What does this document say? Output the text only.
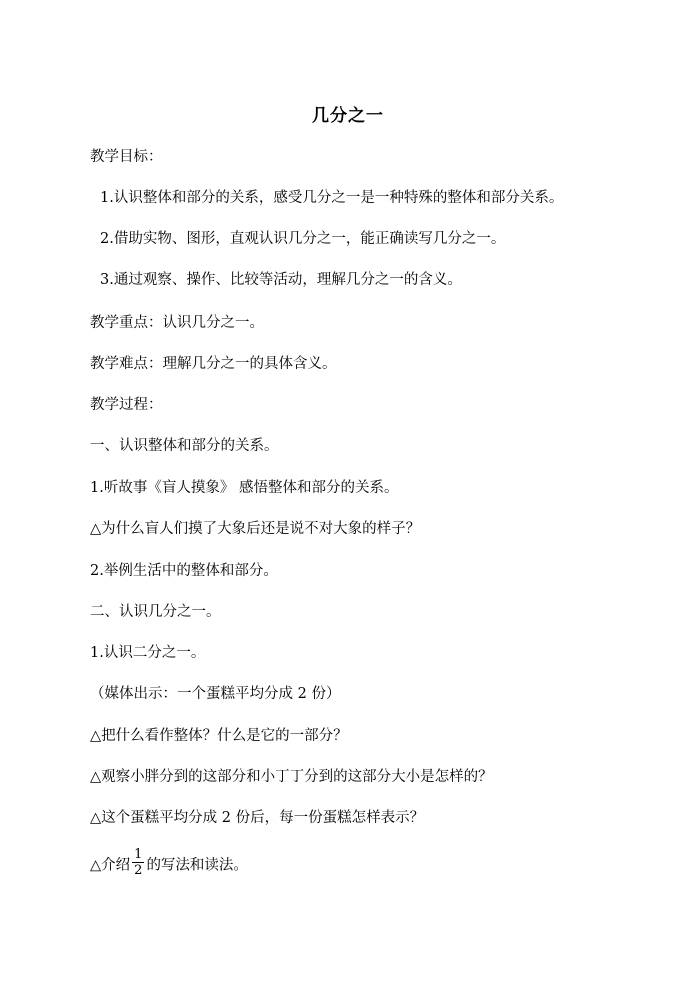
几分之一

教学目标：

1.认识整体和部分的关系，感受几分之一是一种特殊的整体和部分关系。

2.借助实物、图形，直观认识几分之一，能正确读写几分之一。

3.通过观察、操作、比较等活动，理解几分之一的含义。

教学重点：认识几分之一。

教学难点：理解几分之一的具体含义。

教学过程：

一、认识整体和部分的关系。

1.听故事《盲人摸象》 感悟整体和部分的关系。

△为什么盲人们摸了大象后还是说不对大象的样子？

2.举例生活中的整体和部分。

二、认识几分之一。

1.认识二分之一。

（媒体出示：一个蛋糕平均分成 2 份）

△把什么看作整体？什么是它的一部分？

△观察小胖分到的这部分和小丁丁分到的这部分大小是怎样的？

△这个蛋糕平均分成 2 份后，每一份蛋糕怎样表示？

△介绍 $\frac{1}{2}$ 的写法和读法。
